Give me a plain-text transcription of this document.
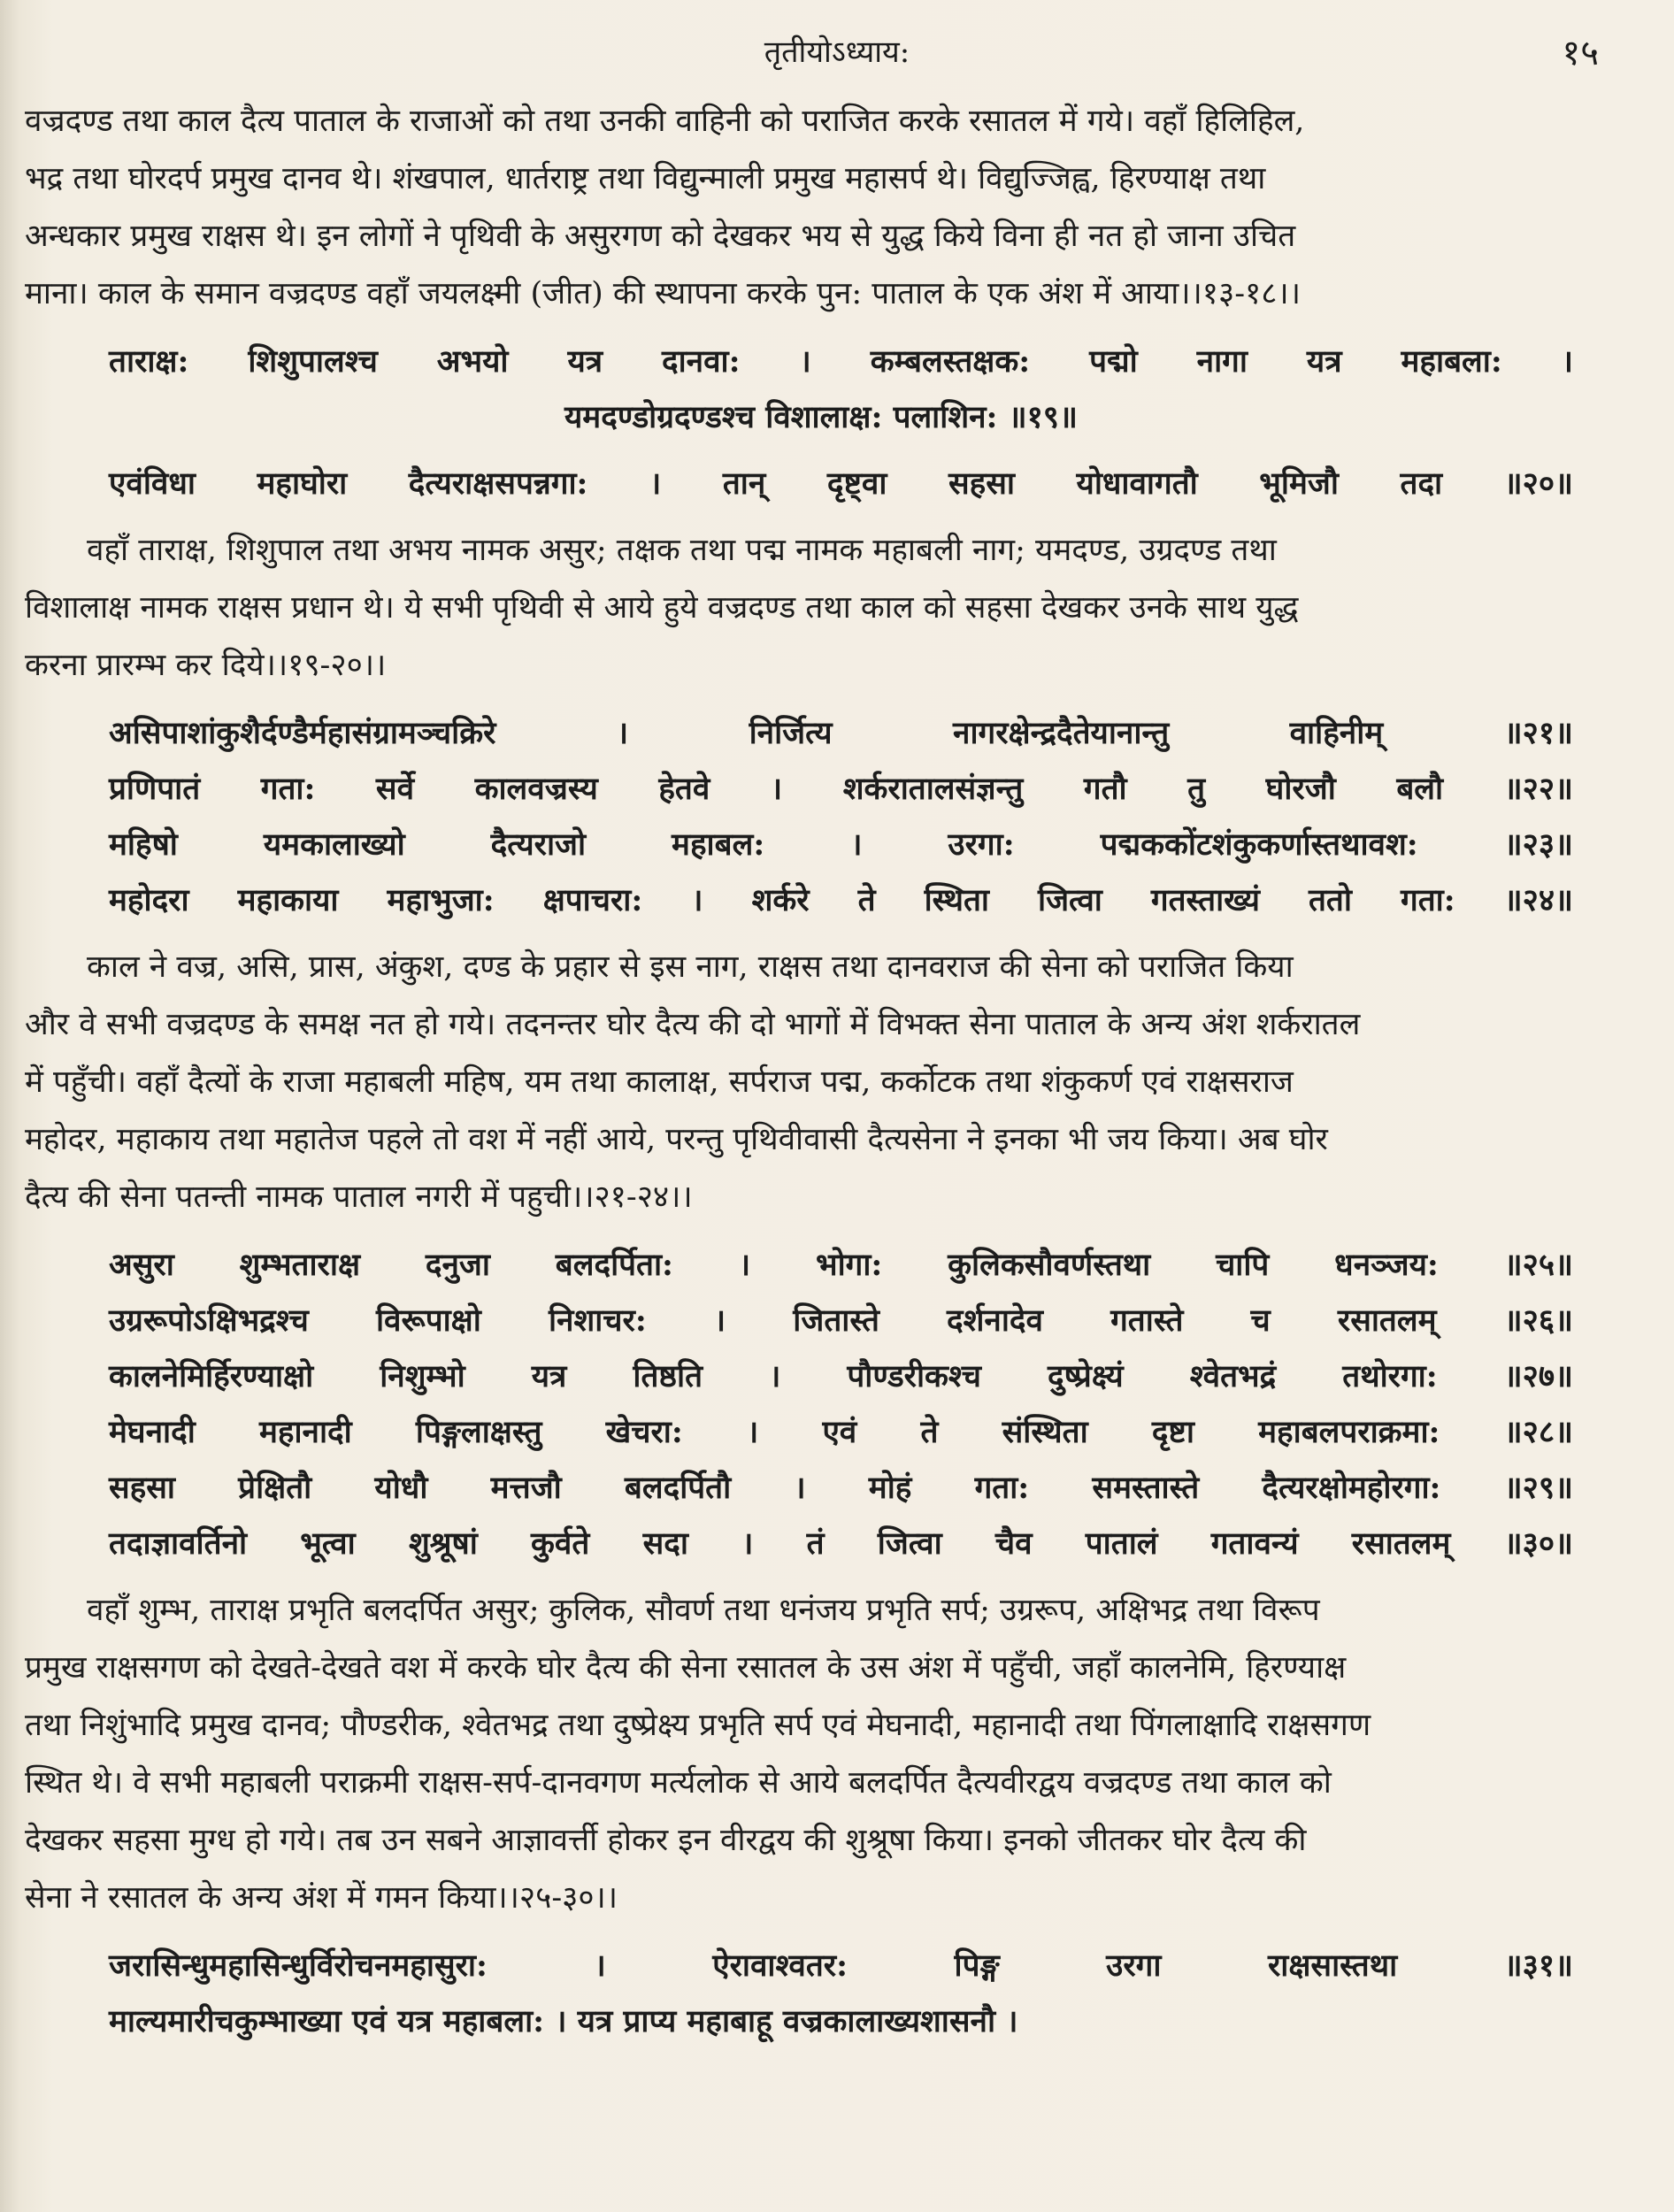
तृतीयोऽध्याय:	१५
वज्रदण्ड तथा काल दैत्य पाताल के राजाओं को तथा उनकी वाहिनी को पराजित करके रसातल में गये। वहाँ हिलिहिल,
भद्र तथा घोरदर्प प्रमुख दानव थे। शंखपाल, धार्तराष्ट्र तथा विद्युन्माली प्रमुख महासर्प थे। विद्युज्जिह्व, हिरण्याक्ष तथा
अन्धकार प्रमुख राक्षस थे। इन लोगों ने पृथिवी के असुरगण को देखकर भय से युद्ध किये विना ही नत हो जाना उचित
माना। काल के समान वज्रदण्ड वहाँ जयलक्ष्मी (जीत) की स्थापना करके पुन: पाताल के एक अंश में आया।।१३-१८।।
ताराक्ष: शिशुपालश्च अभयो यत्र दानवा: । कम्बलस्तक्षक: पद्मो नागा यत्र महाबला: ।
यमदण्डोग्रदण्डश्च विशालाक्ष: पलाशिन: ॥१९॥
एवंविधा महाघोरा दैत्यराक्षसपन्नगा: । तान् दृष्ट्वा सहसा योधावागतौ भूमिजौ तदा ॥२०॥
वहाँ ताराक्ष, शिशुपाल तथा अभय नामक असुर; तक्षक तथा पद्म नामक महाबली नाग; यमदण्ड, उग्रदण्ड तथा
विशालाक्ष नामक राक्षस प्रधान थे। ये सभी पृथिवी से आये हुये वज्रदण्ड तथा काल को सहसा देखकर उनके साथ युद्ध
करना प्रारम्भ कर दिये।।१९-२०।।
असिपाशांकुशैर्दण्डैर्महासंग्रामञ्चक्रिरे । निर्जित्य नागरक्षेन्द्रदैतेयानान्तु वाहिनीम् ॥२१॥
प्रणिपातं गता: सर्वे कालवज्रस्य हेतवे । शर्करातालसंज्ञन्तु गतौ तु घोरजौ बलौ ॥२२॥
महिषो यमकालाख्यो दैत्यराजो महाबल: । उरगा: पद्मककोंटशंकुकर्णास्तथावश: ॥२३॥
महोदरा महाकाया महाभुजा: क्षपाचरा: । शर्करे ते स्थिता जित्वा गतस्ताख्यं ततो गता: ॥२४॥
काल ने वज्र, असि, प्रास, अंकुश, दण्ड के प्रहार से इस नाग, राक्षस तथा दानवराज की सेना को पराजित किया
और वे सभी वज्रदण्ड के समक्ष नत हो गये। तदनन्तर घोर दैत्य की दो भागों में विभक्त सेना पाताल के अन्य अंश शर्करातल
में पहुँची। वहाँ दैत्यों के राजा महाबली महिष, यम तथा कालाक्ष, सर्पराज पद्म, कर्कोटक तथा शंकुकर्ण एवं राक्षसराज
महोदर, महाकाय तथा महातेज पहले तो वश में नहीं आये, परन्तु पृथिवीवासी दैत्यसेना ने इनका भी जय किया। अब घोर
दैत्य की सेना पतन्ती नामक पाताल नगरी में पहुची।।२१-२४।।
असुरा शुम्भताराक्ष दनुजा बलदर्पिता: । भोगा: कुलिकसौवर्णस्तथा चापि धनञ्जय: ॥२५॥
उग्ररूपोऽक्षिभद्रश्च विरूपाक्षो निशाचर: । जितास्ते दर्शनादेव गतास्ते च रसातलम् ॥२६॥
कालनेमिर्हिरण्याक्षो निशुम्भो यत्र तिष्ठति । पौण्डरीकश्च दुष्प्रेक्ष्यं श्वेतभद्रं तथोरगा: ॥२७॥
मेघनादी महानादी पिङ्गलाक्षस्तु खेचरा: । एवं ते संस्थिता दृष्टा महाबलपराक्रमा: ॥२८॥
सहसा प्रेक्षितौ योधौ मत्तजौ बलदर्पितौ । मोहं गता: समस्तास्ते दैत्यरक्षोमहोरगा: ॥२९॥
तदाज्ञावर्तिनो भूत्वा शुश्रूषां कुर्वते सदा । तं जित्वा चैव पातालं गतावन्यं रसातलम् ॥३०॥
वहाँ शुम्भ, ताराक्ष प्रभृति बलदर्पित असुर; कुलिक, सौवर्ण तथा धनंजय प्रभृति सर्प; उग्ररूप, अक्षिभद्र तथा विरूप
प्रमुख राक्षसगण को देखते-देखते वश में करके घोर दैत्य की सेना रसातल के उस अंश में पहुँची, जहाँ कालनेमि, हिरण्याक्ष
तथा निशुंभादि प्रमुख दानव; पौण्डरीक, श्वेतभद्र तथा दुष्प्रेक्ष्य प्रभृति सर्प एवं मेघनादी, महानादी तथा पिंगलाक्षादि राक्षसगण
स्थित थे। वे सभी महाबली पराक्रमी राक्षस-सर्प-दानवगण मर्त्यलोक से आये बलदर्पित दैत्यवीरद्वय वज्रदण्ड तथा काल को
देखकर सहसा मुग्ध हो गये। तब उन सबने आज्ञावर्त्ती होकर इन वीरद्वय की शुश्रूषा किया। इनको जीतकर घोर दैत्य की
सेना ने रसातल के अन्य अंश में गमन किया।।२५-३०।।
जरासिन्धुमहासिन्धुर्विरोचनमहासुरा: । ऐरावाश्वतर: पिङ्ग उरगा राक्षसास्तथा ॥३१॥
माल्यमारीचकुम्भाख्या एवं यत्र महाबला: । यत्र प्राप्य महाबाहू वज्रकालाख्यशासनौ ।
